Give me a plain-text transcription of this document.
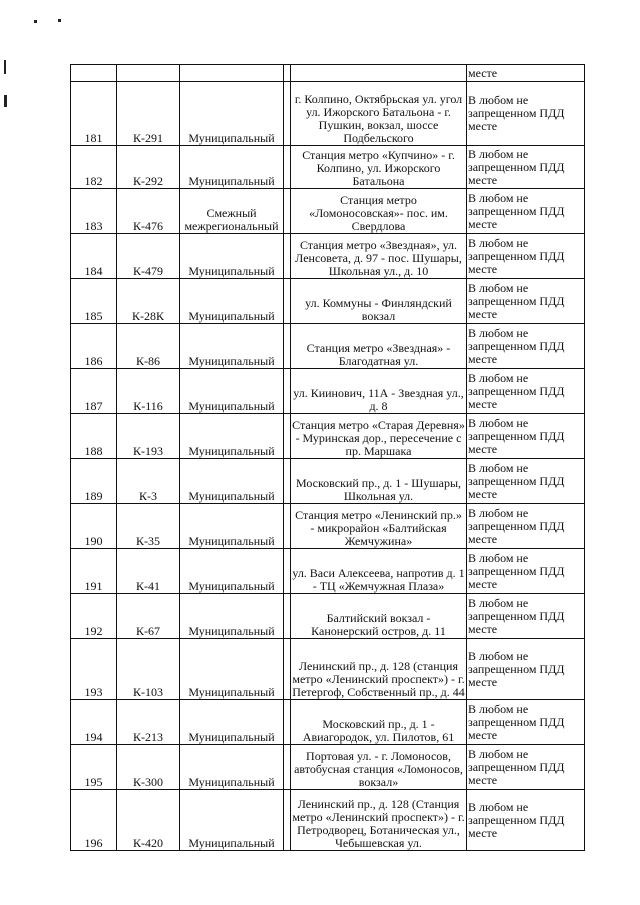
					месте
181	К-291	Муниципальный		г. Колпино, Октябрьская ул. угол ул. Ижорского Батальона - г. Пушкин, вокзал, шоссе Подбельского	В любом не запрещенном ПДД месте
182	К-292	Муниципальный		Станция метро «Купчино» - г. Колпино, ул. Ижорского Батальона	В любом не запрещенном ПДД месте
183	К-476	Смежный межрегиональный		Станция метро «Ломоносовская»- пос. им. Свердлова	В любом не запрещенном ПДД месте
184	К-479	Муниципальный		Станция метро «Звездная», ул. Ленсовета, д. 97 - пос. Шушары, Школьная ул., д. 10	В любом не запрещенном ПДД месте
185	К-28К	Муниципальный		ул. Коммуны - Финляндский вокзал	В любом не запрещенном ПДД месте
186	К-86	Муниципальный		Станция метро «Звездная» - Благодатная ул.	В любом не запрещенном ПДД месте
187	К-116	Муниципальный		ул. Киинович, 11А - Звездная ул., д. 8	В любом не запрещенном ПДД месте
188	К-193	Муниципальный		Станция метро «Старая Деревня» - Муринская дор., пересечение с пр. Маршака	В любом не запрещенном ПДД месте
189	К-3	Муниципальный		Московский пр., д. 1 - Шушары, Школьная ул.	В любом не запрещенном ПДД месте
190	К-35	Муниципальный		Станция метро «Ленинский пр.» - микрорайон «Балтийская Жемчужина»	В любом не запрещенном ПДД месте
191	К-41	Муниципальный		ул. Васи Алексеева, напротив д. 1 - ТЦ «Жемчужная Плаза»	В любом не запрещенном ПДД месте
192	К-67	Муниципальный		Балтийский вокзал - Канонерский остров, д. 11	В любом не запрещенном ПДД месте
193	К-103	Муниципальный		Ленинский пр., д. 128 (станция метро «Ленинский проспект») - г. Петергоф, Собственный пр., д. 44	В любом не запрещенном ПДД месте
194	К-213	Муниципальный		Московский пр., д. 1 - Авиагородок, ул. Пилотов, 61	В любом не запрещенном ПДД месте
195	К-300	Муниципальный		Портовая ул. - г. Ломоносов, автобусная станция «Ломоносов, вокзал»	В любом не запрещенном ПДД месте
196	К-420	Муниципальный		Ленинский пр., д. 128 (Станция метро «Ленинский проспект») - г. Петродворец, Ботаническая ул., Чебышевская ул.	В любом не запрещенном ПДД месте
